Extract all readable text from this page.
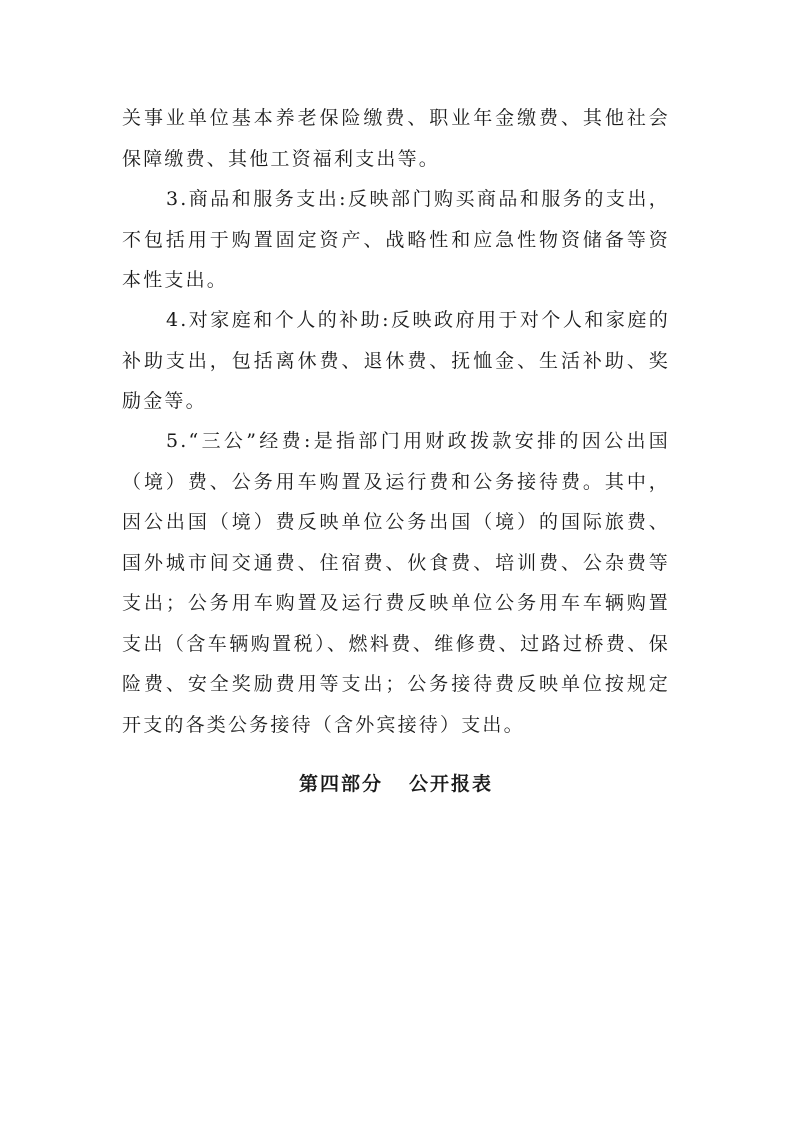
关事业单位基本养老保险缴费、职业年金缴费、其他社会保障缴费、其他工资福利支出等。

3.商品和服务支出:反映部门购买商品和服务的支出，不包括用于购置固定资产、战略性和应急性物资储备等资本性支出。

4.对家庭和个人的补助:反映政府用于对个人和家庭的补助支出，包括离休费、退休费、抚恤金、生活补助、奖励金等。

5.“三公”经费:是指部门用财政拨款安排的因公出国（境）费、公务用车购置及运行费和公务接待费。其中，因公出国（境）费反映单位公务出国（境）的国际旅费、国外城市间交通费、住宿费、伙食费、培训费、公杂费等支出；公务用车购置及运行费反映单位公务用车车辆购置支出（含车辆购置税）、燃料费、维修费、过路过桥费、保险费、安全奖励费用等支出；公务接待费反映单位按规定开支的各类公务接待（含外宾接待）支出。

第四部分 公开报表
